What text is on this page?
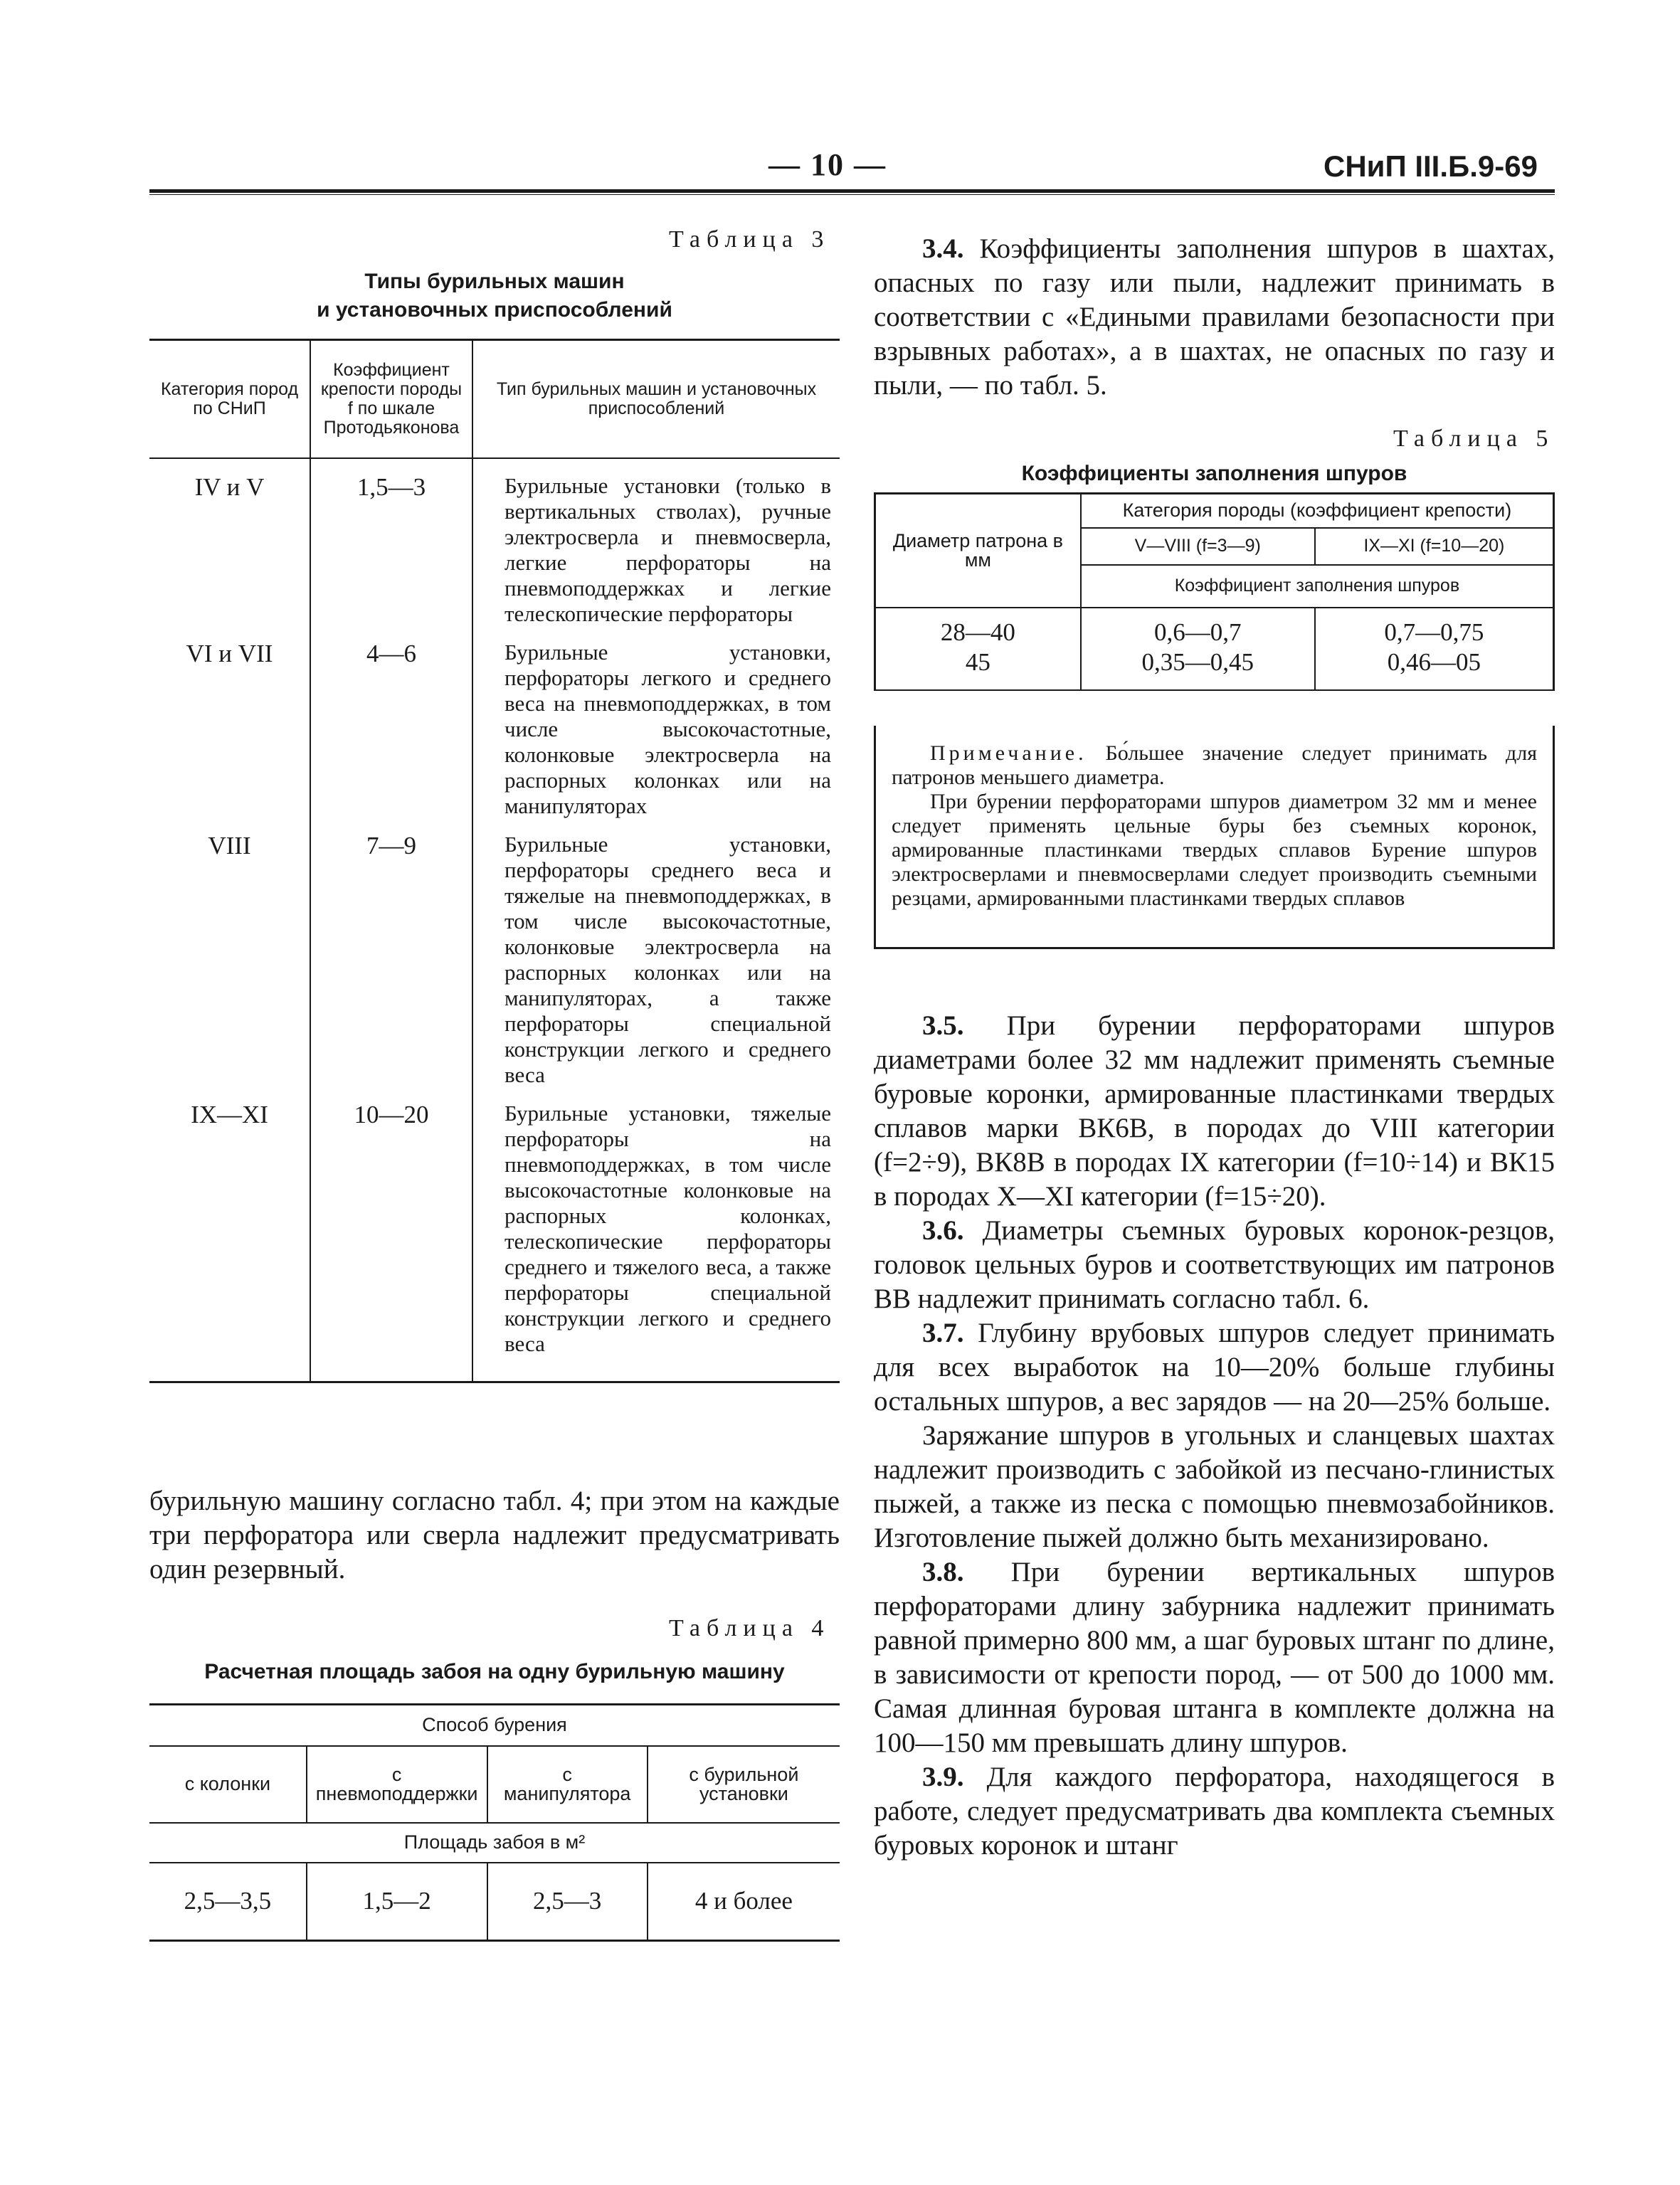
— 10 —	СНиП III.Б.9-69
Таблица 3
Типы бурильных машин
и установочных приспособлений
Категория пород по СНиП	Коэффициент крепости породы f по шкале Протодьяконова	Тип бурильных машин и установочных приспособлений
IV и V	1,5—3	Бурильные установки (только в вертикальных стволах), ручные электросверла и пневмосверла, легкие перфораторы на пневмоподдержках и легкие телескопические перфораторы
VI и VII	4—6	Бурильные установки, перфораторы легкого и среднего веса на пневмоподдержках, в том числе высокочастотные, колонковые электросверла на распорных колонках или на манипуляторах
VIII	7—9	Бурильные установки, перфораторы среднего веса и тяжелые на пневмоподдержках, в том числе высокочастотные, колонковые электросверла на распорных колонках или на манипуляторах, а также перфораторы специальной конструкции легкого и среднего веса
IX—XI	10—20	Бурильные установки, тяжелые перфораторы на пневмоподдержках, в том числе высокочастотные колонковые на распорных колонках, телескопические перфораторы среднего и тяжелого веса, а также перфораторы специальной конструкции легкого и среднего веса

бурильную машину согласно табл. 4; при этом на каждые три перфоратора или сверла надлежит предусматривать один резервный.

Таблица 4
Расчетная площадь забоя на одну бурильную машину
Способ бурения			
с колонки	с пневмоподдержки	с манипулятора	с бурильной установки
Площадь забоя в м²			
2,5—3,5	1,5—2	2,5—3	4 и более

3.4. Коэффициенты заполнения шпуров в шахтах, опасных по газу или пыли, надлежит принимать в соответствии с «Едиными правилами безопасности при взрывных работах», а в шахтах, не опасных по газу и пыли, — по табл. 5.

Таблица 5
Коэффициенты заполнения шпуров
Диаметр патрона в мм	Категория породы (коэффициент крепости)	
	V—VIII (f=3—9)	IX—XI (f=10—20)
	Коэффициент заполнения шпуров	
28—40	0,6—0,7	0,7—0,75
45	0,35—0,45	0,46—05
Примечание. Бо́льшее значение следует принимать для патронов меньшего диаметра.
При бурении перфораторами шпуров диаметром 32 мм и менее следует применять цельные буры без съемных коронок, армированные пластинками твердых сплавов Бурение шпуров электросверлами и пневмосверлами следует производить съемными резцами, армированными пластинками твердых сплавов

3.5. При бурении перфораторами шпуров диаметрами более 32 мм надлежит применять съемные буровые коронки, армированные пластинками твердых сплавов марки ВК6В, в породах до VIII категории (f=2÷9), ВК8В в породах IX категории (f=10÷14) и ВК15 в породах X—XI категории (f=15÷20).

3.6. Диаметры съемных буровых коронок-резцов, головок цельных буров и соответствующих им патронов ВВ надлежит принимать согласно табл. 6.

3.7. Глубину врубовых шпуров следует принимать для всех выработок на 10—20% больше глубины остальных шпуров, а вес зарядов — на 20—25% больше.

Заряжание шпуров в угольных и сланцевых шахтах надлежит производить с забойкой из песчано-глинистых пыжей, а также из песка с помощью пневмозабойников. Изготовление пыжей должно быть механизировано.

3.8. При бурении вертикальных шпуров перфораторами длину забурника надлежит принимать равной примерно 800 мм, а шаг буровых штанг по длине, в зависимости от крепости пород, — от 500 до 1000 мм. Самая длинная буровая штанга в комплекте должна на 100—150 мм превышать длину шпуров.

3.9. Для каждого перфоратора, находящегося в работе, следует предусматривать два комплекта съемных буровых коронок и штанг
